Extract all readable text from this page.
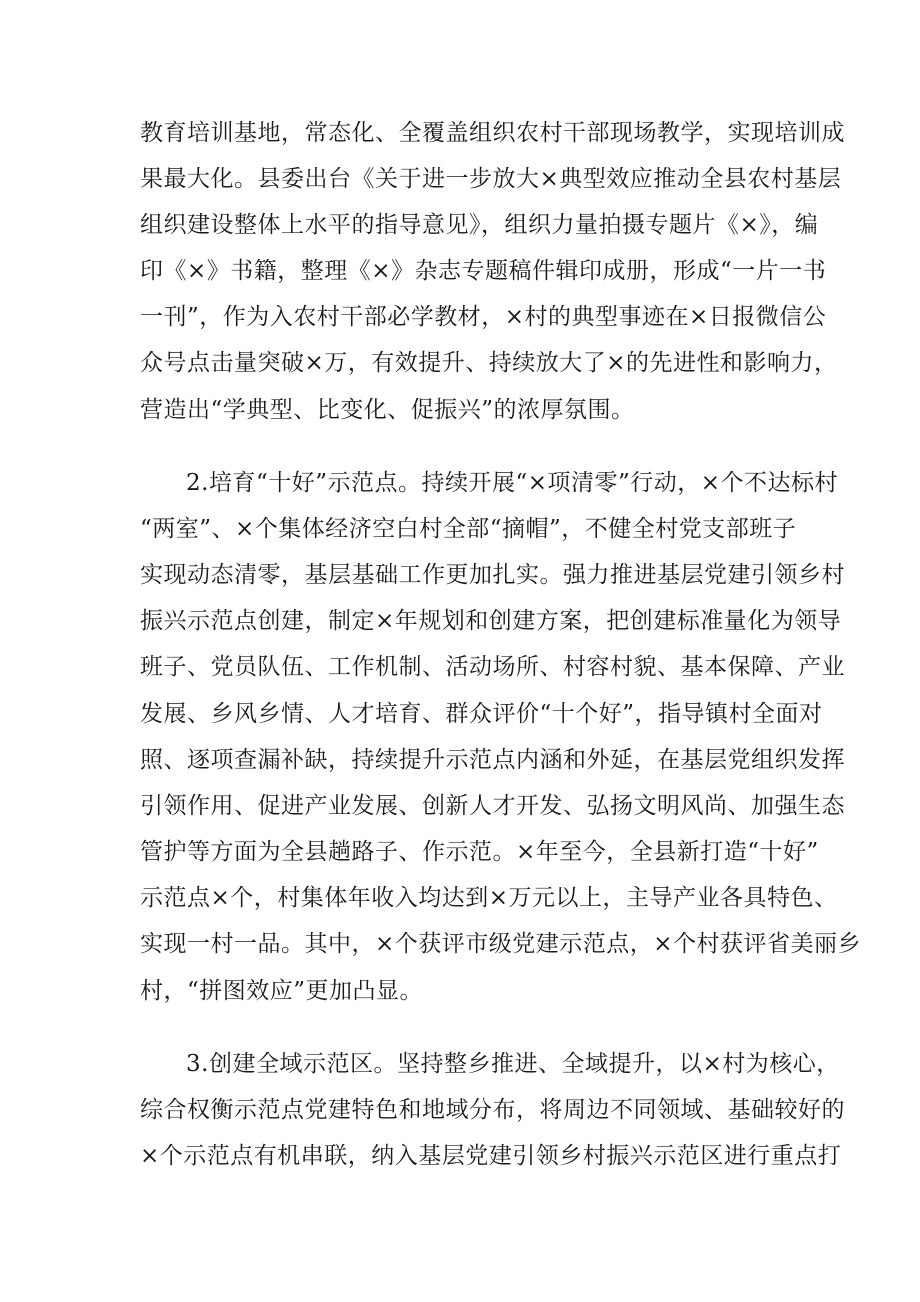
教育培训基地，常态化、全覆盖组织农村干部现场教学，实现培训成
果最大化。县委出台《关于进一步放大×典型效应推动全县农村基层
组织建设整体上水平的指导意见》，组织力量拍摄专题片《×》，编
印《×》书籍，整理《×》杂志专题稿件辑印成册，形成“一片一书
一刊”，作为入农村干部必学教材，×村的典型事迹在×日报微信公
众号点击量突破×万，有效提升、持续放大了×的先进性和影响力，
营造出“学典型、比变化、促振兴”的浓厚氛围。
2.培育“十好”示范点。持续开展“×项清零”行动，×个不达标村
“两室”、×个集体经济空白村全部“摘帽”，不健全村党支部班子
实现动态清零，基层基础工作更加扎实。强力推进基层党建引领乡村
振兴示范点创建，制定×年规划和创建方案，把创建标准量化为领导
班子、党员队伍、工作机制、活动场所、村容村貌、基本保障、产业
发展、乡风乡情、人才培育、群众评价“十个好”，指导镇村全面对
照、逐项查漏补缺，持续提升示范点内涵和外延，在基层党组织发挥
引领作用、促进产业发展、创新人才开发、弘扬文明风尚、加强生态
管护等方面为全县趟路子、作示范。×年至今，全县新打造“十好”
示范点×个，村集体年收入均达到×万元以上，主导产业各具特色、
实现一村一品。其中，×个获评市级党建示范点，×个村获评省美丽乡
村，“拼图效应”更加凸显。
3.创建全域示范区。坚持整乡推进、全域提升，以×村为核心，
综合权衡示范点党建特色和地域分布，将周边不同领域、基础较好的
×个示范点有机串联，纳入基层党建引领乡村振兴示范区进行重点打
